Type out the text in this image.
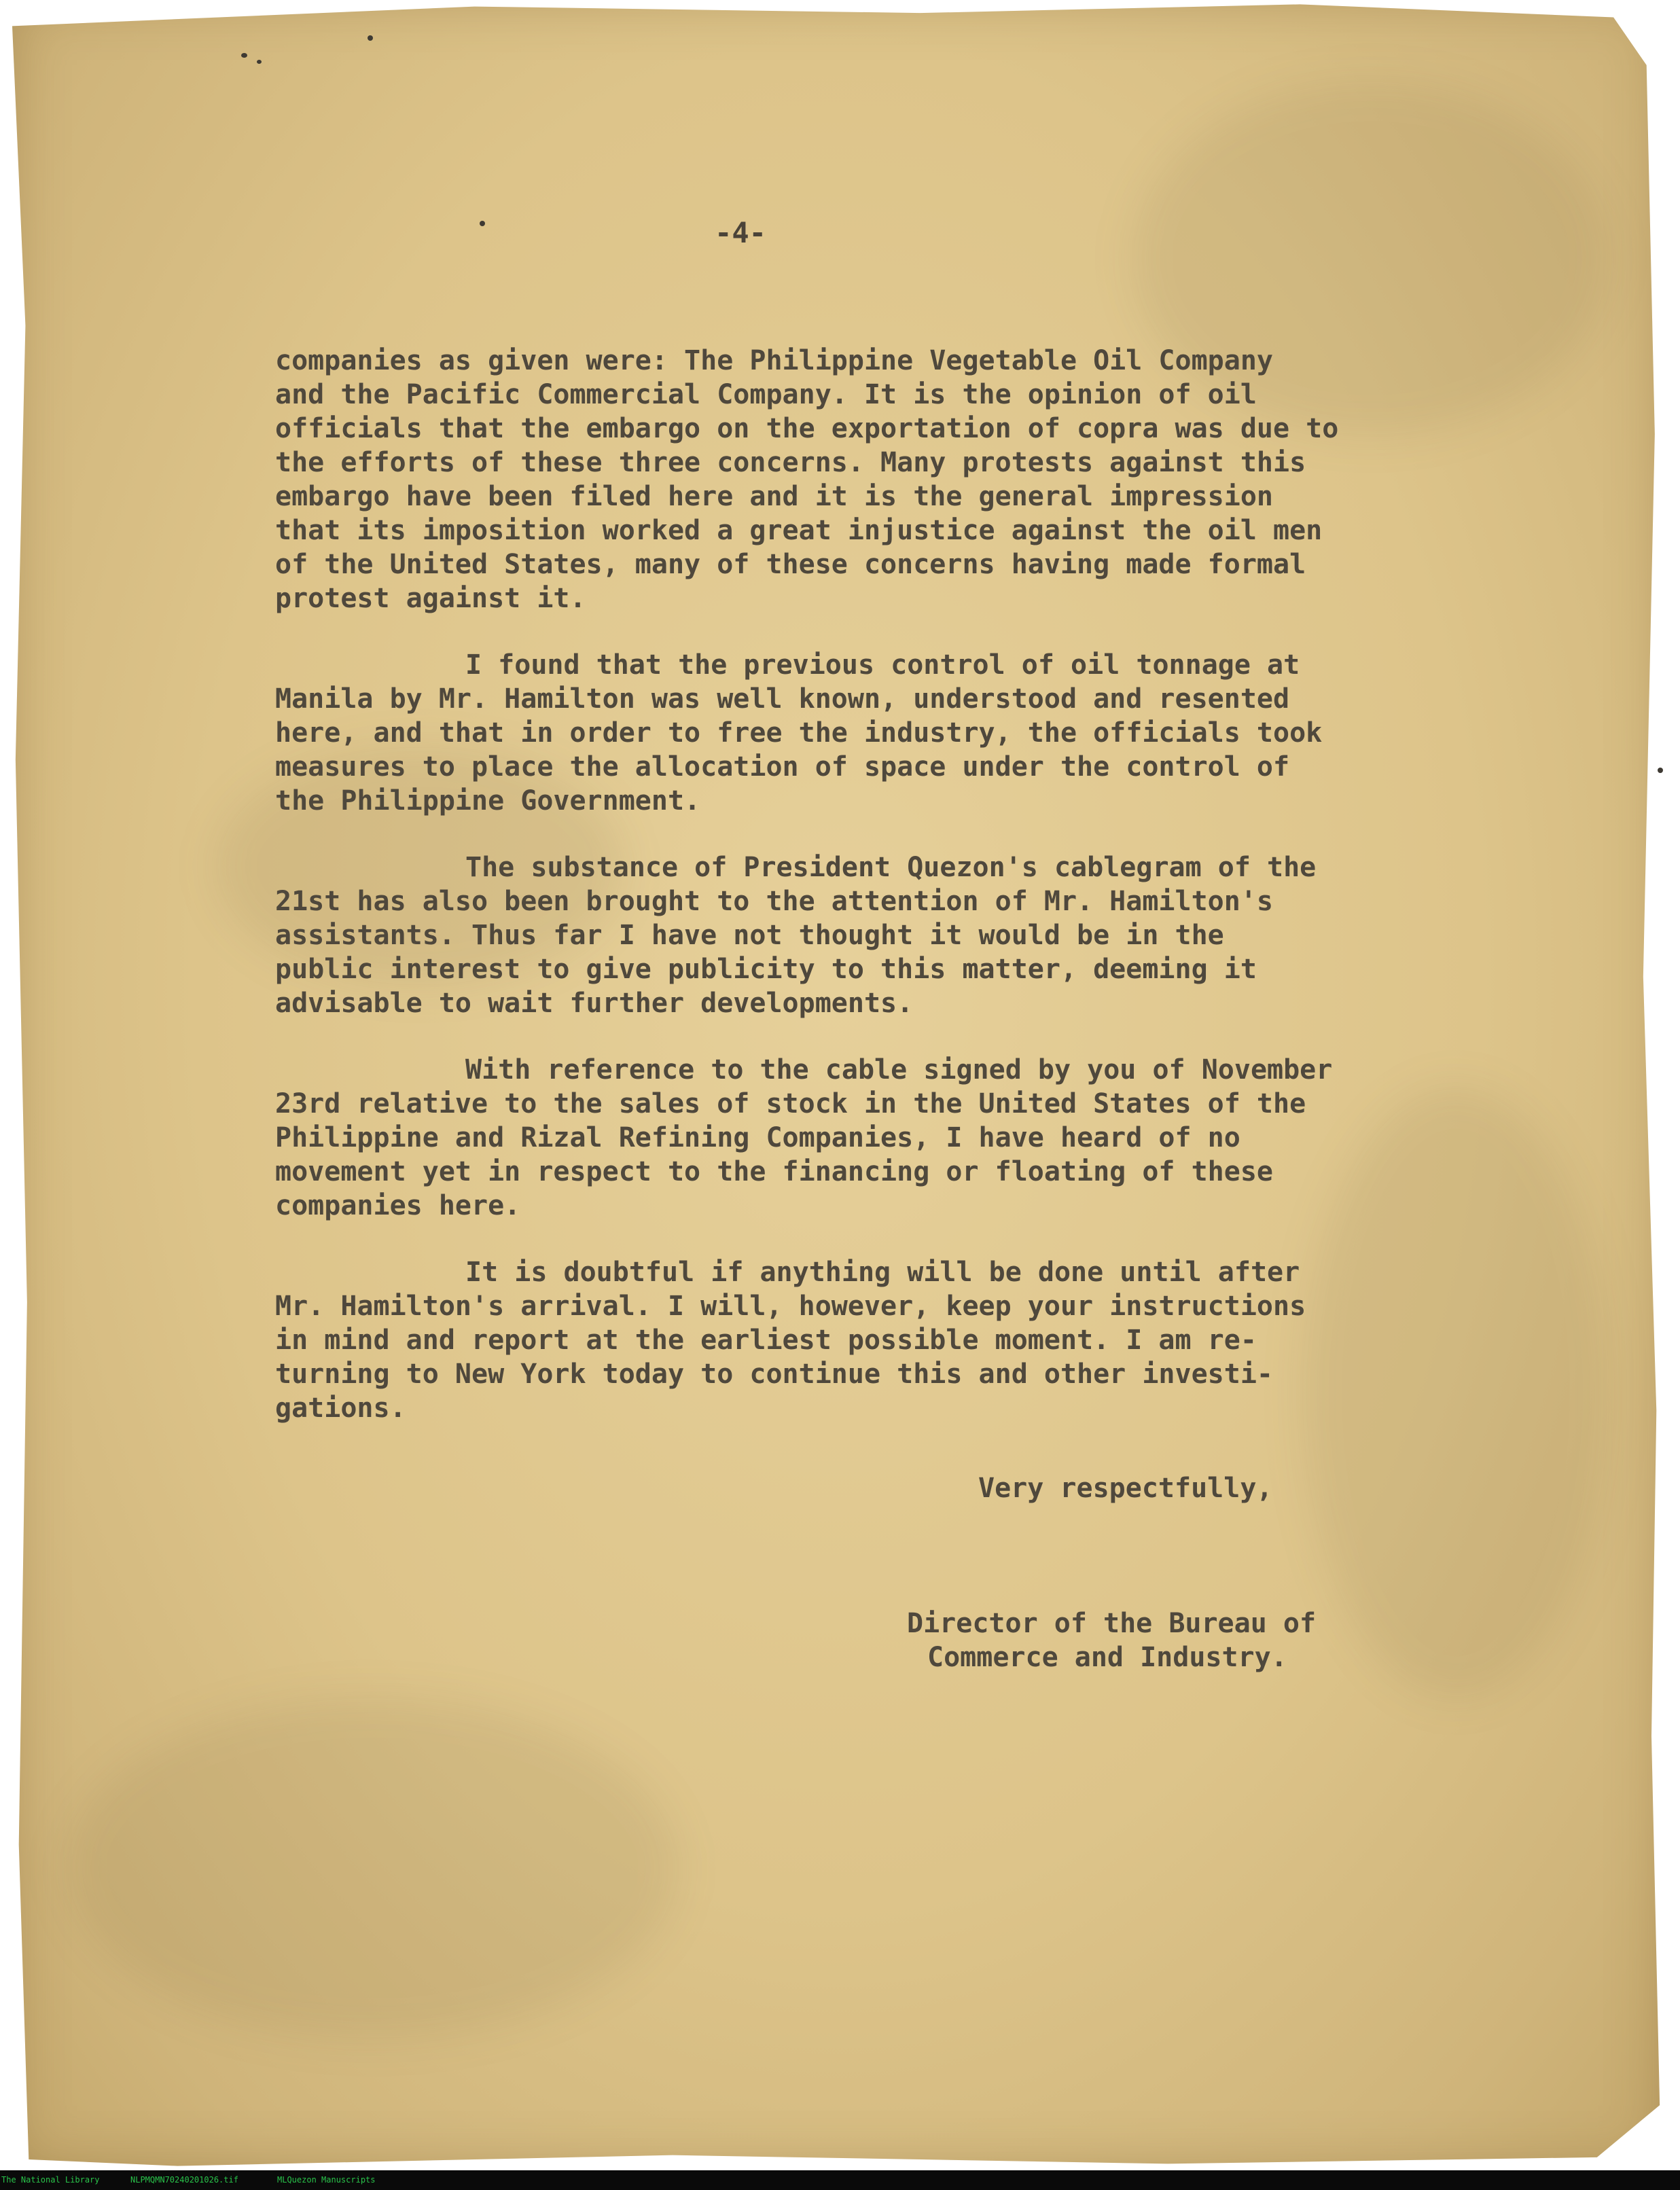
-4-

companies as given were: The Philippine Vegetable Oil Company
and the Pacific Commercial Company. It is the opinion of oil
officials that the embargo on the exportation of copra was due to
the efforts of these three concerns. Many protests against this
embargo have been filed here and it is the general impression
that its imposition worked a great injustice against the oil men
of the United States, many of these concerns having made formal
protest against it.

I found that the previous control of oil tonnage at
Manila by Mr. Hamilton was well known, understood and resented
here, and that in order to free the industry, the officials took
measures to place the allocation of space under the control of
the Philippine Government.

The substance of President Quezon's cablegram of the
21st has also been brought to the attention of Mr. Hamilton's
assistants. Thus far I have not thought it would be in the
public interest to give publicity to this matter, deeming it
advisable to wait further developments.

With reference to the cable signed by you of November
23rd relative to the sales of stock in the United States of the
Philippine and Rizal Refining Companies, I have heard of no
movement yet in respect to the financing or floating of these
companies here.

It is doubtful if anything will be done until after
Mr. Hamilton's arrival. I will, however, keep your instructions
in mind and report at the earliest possible moment. I am re-
turning to New York today to continue this and other investi-
gations.

Very respectfully,
Director of the Bureau of
Commerce and Industry.
The National Library	NLPMQMN70240201026.tif	MLQuezon Manuscripts
